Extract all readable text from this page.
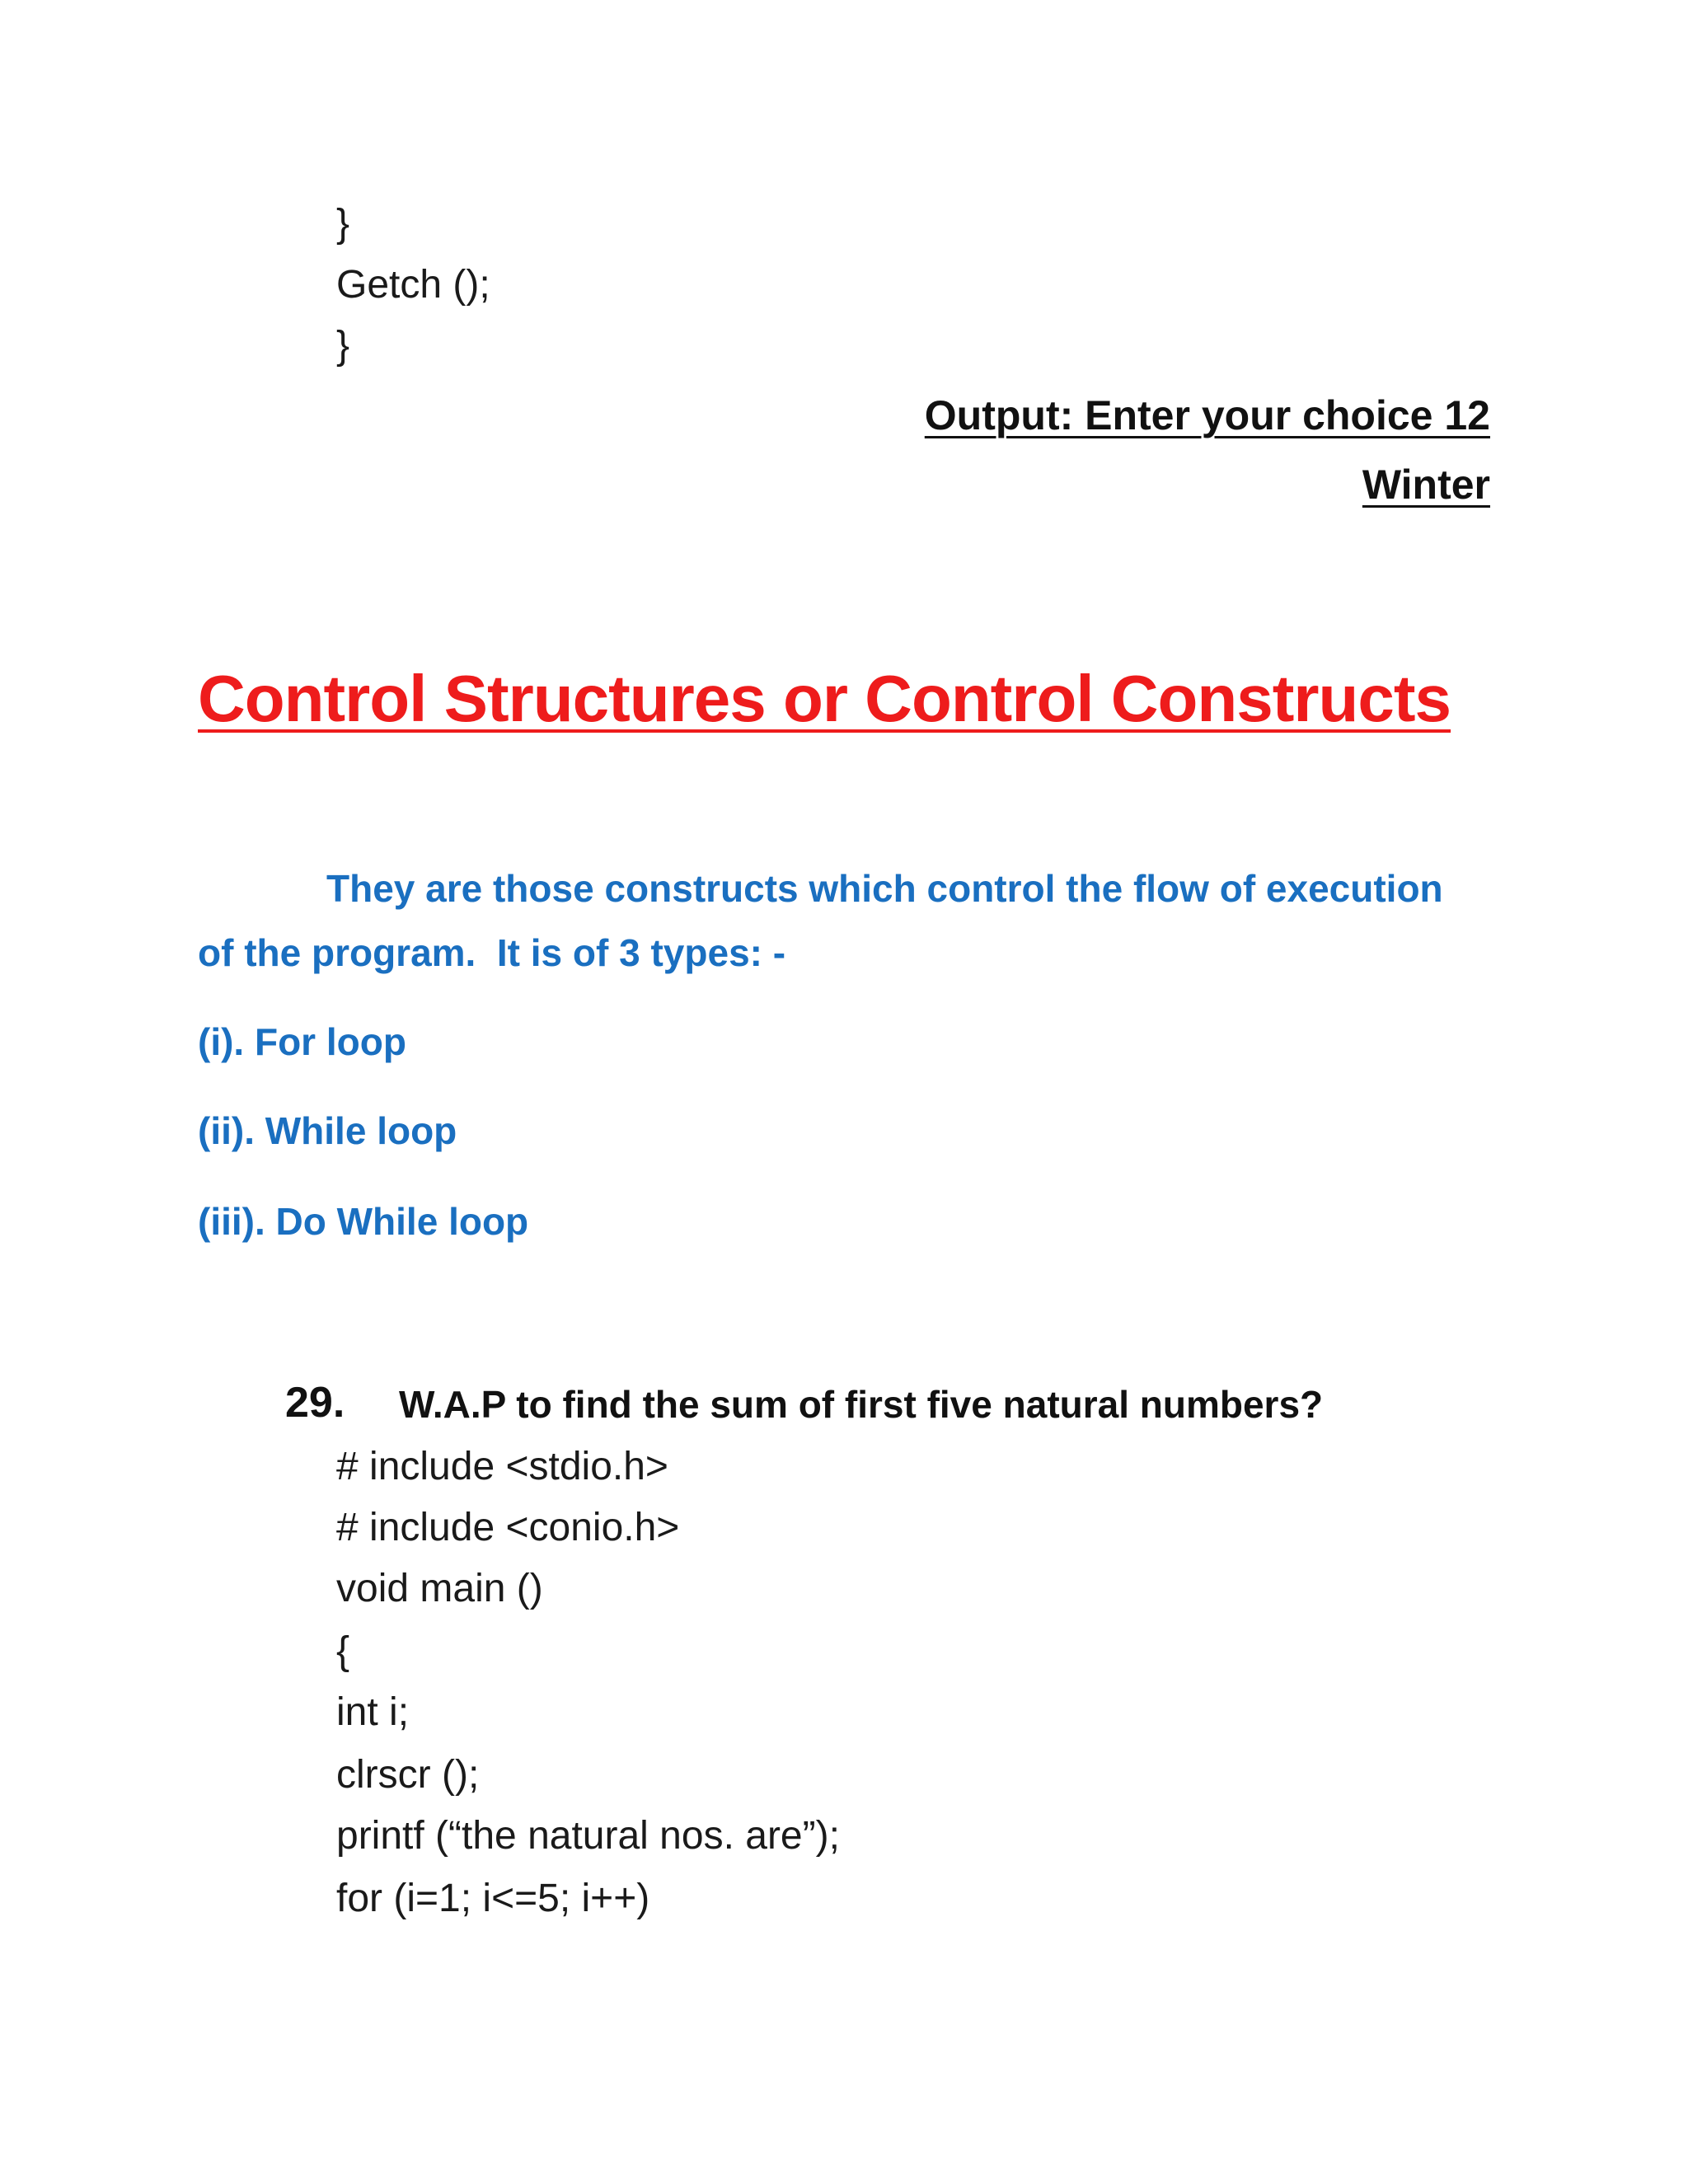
}
Getch ();
}
Output: Enter your choice 12
Winter
Control Structures or Control Constructs
They are those constructs which control the flow of execution
of the program.  It is of 3 types: -
(i). For loop
(ii). While loop
(iii). Do While loop
29. W.A.P to find the sum of first five natural numbers?
# include <stdio.h>
# include <conio.h>
void main ()
{
int i;
clrscr ();
printf (“the natural nos. are”);
for (i=1; i<=5; i++)
